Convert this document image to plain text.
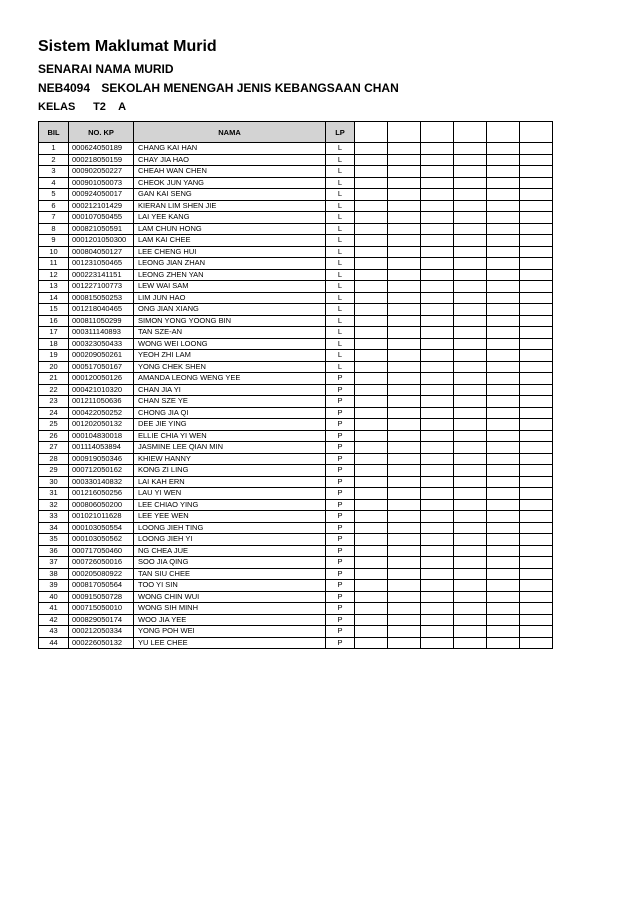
Sistem Maklumat Murid
SENARAI NAMA MURID
NEB4094 SEKOLAH MENENGAH JENIS KEBANGSAAN CHAN
KELAS T2 A
BIL	NO. KP	NAMA	LP						
1	000624050189	CHANG KAI HAN	L						
2	000218050159	CHAY JIA HAO	L						
3	000902050227	CHEAH WAN CHEN	L						
4	000901050073	CHEOK JUN YANG	L						
5	000924050017	GAN KAI SENG	L						
6	000212101429	KIERAN LIM SHEN JIE	L						
7	000107050455	LAI YEE KANG	L						
8	000821050591	LAM CHUN HONG	L						
9	0001201050300	LAM KAI CHEE	L						
10	000804050127	LEE CHENG HUI	L						
11	001231050465	LEONG JIAN ZHAN	L						
12	000223141151	LEONG ZHEN YAN	L						
13	001227100773	LEW WAI SAM	L						
14	000815050253	LIM JUN HAO	L						
15	001218040465	ONG JIAN XIANG	L						
16	000811050299	SIMON YONG YOONG BIN	L						
17	000311140893	TAN SZE-AN	L						
18	000323050433	WONG WEI LOONG	L						
19	000209050261	YEOH ZHI LAM	L						
20	000517050167	YONG CHEK SHEN	L						
21	000120050126	AMANDA LEONG WENG YEE	P						
22	000421010320	CHAN JIA YI	P						
23	001211050636	CHAN SZE YE	P						
24	000422050252	CHONG JIA QI	P						
25	001202050132	DEE JIE YING	P						
26	000104830018	ELLIE CHIA YI WEN	P						
27	001114053894	JASMINE LEE QIAN MIN	P						
28	000919050346	KHIEW HANNY	P						
29	000712050162	KONG ZI LING	P						
30	000330140832	LAI KAH ERN	P						
31	001216050256	LAU YI WEN	P						
32	000806050200	LEE CHIAO YING	P						
33	001021011628	LEE YEE WEN	P						
34	000103050554	LOONG JIEH TING	P						
35	000103050562	LOONG JIEH YI	P						
36	000717050460	NG CHEA JUE	P						
37	000726050016	SOO JIA QING	P						
38	000205080922	TAN SIU CHEE	P						
39	000817050564	TOO YI SIN	P						
40	000915050728	WONG CHIN WUI	P						
41	000715050010	WONG SIH MINH	P						
42	000829050174	WOO JIA YEE	P						
43	000212050334	YONG POH WEI	P						
44	000226050132	YU LEE CHEE	P						
